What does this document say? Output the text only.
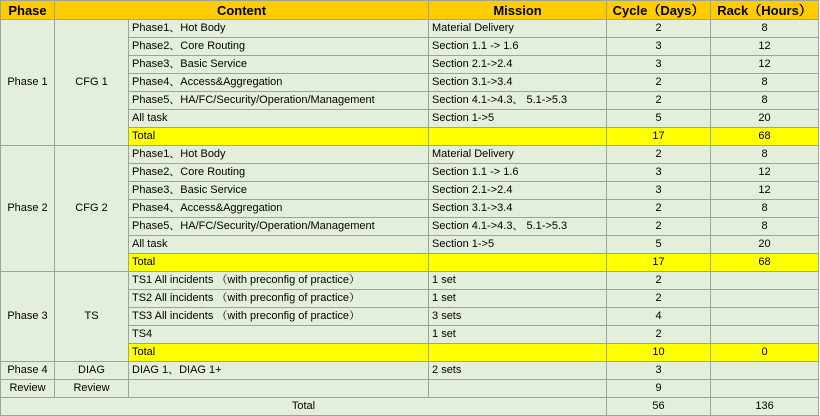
Phase	Content		Mission	Cycle（Days）	Rack（Hours）
Phase 1	CFG 1	Phase1、Hot Body	Material Delivery	2	8
		Phase2、Core Routing	Section 1.1 -> 1.6	3	12
		Phase3、Basic Service	Section 2.1->2.4	3	12
		Phase4、Access&Aggregation	Section 3.1->3.4	2	8
		Phase5、HA/FC/Security/Operation/Management	Section 4.1->4.3、 5.1->5.3	2	8
		All task	Section 1->5	5	20
		Total		17	68
Phase 2	CFG 2	Phase1、Hot Body	Material Delivery	2	8
		Phase2、Core Routing	Section 1.1 -> 1.6	3	12
		Phase3、Basic Service	Section 2.1->2.4	3	12
		Phase4、Access&Aggregation	Section 3.1->3.4	2	8
		Phase5、HA/FC/Security/Operation/Management	Section 4.1->4.3、 5.1->5.3	2	8
		All task	Section 1->5	5	20
		Total		17	68
Phase 3	TS	TS1 All incidents （with preconfig of practice）	1 set	2	
		TS2 All incidents （with preconfig of practice）	1 set	2	
		TS3 All incidents （with preconfig of practice）	3 sets	4	
		TS4	1 set	2	
		Total		10	0
Phase 4	DIAG	DIAG 1、DIAG 1+	2 sets	3	
Review	Review			9	
Total				56	136
